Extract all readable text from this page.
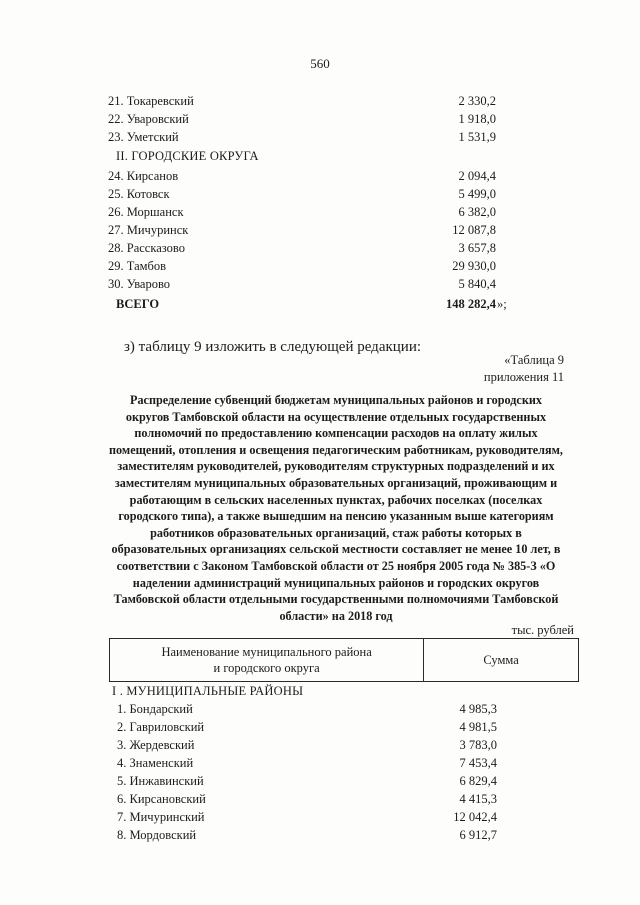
560
21. Токаревский	2 330,2
22. Уваровский	1 918,0
23. Уметский	1 531,9
II. ГОРОДСКИЕ ОКРУГА
24. Кирсанов	2 094,4
25. Котовск	5 499,0
26. Моршанск	6 382,0
27. Мичуринск	12 087,8
28. Рассказово	3 657,8
29. Тамбов	29 930,0
30. Уварово	5 840,4
ВСЕГО	148 282,4 »;
з) таблицу 9 изложить в следующей редакции:
«Таблица 9
приложения 11
Распределение субвенций бюджетам муниципальных районов и городских округов Тамбовской области на осуществление отдельных государственных полномочий по предоставлению компенсации расходов на оплату жилых помещений, отопления и освещения педагогическим работникам, руководителям, заместителям руководителей, руководителям структурных подразделений и их заместителям муниципальных образовательных организаций, проживающим и работающим в сельских населенных пунктах, рабочих поселках (поселках городского типа), а также вышедшим на пенсию указанным выше категориям работников образовательных организаций, стаж работы которых в образовательных организациях сельской местности составляет не менее 10 лет, в соответствии с Законом Тамбовской области от 25 ноября 2005 года № 385-З «О наделении администраций муниципальных районов и городских округов Тамбовской области отдельными государственными полномочиями Тамбовской области» на 2018 год
тыс. рублей
Наименование муниципального района
и городского округа
	Сумма
I . МУНИЦИПАЛЬНЫЕ РАЙОНЫ
1. Бондарский	4 985,3
2. Гавриловский	4 981,5
3. Жердевский	3 783,0
4. Знаменский	7 453,4
5. Инжавинский	6 829,4
6. Кирсановский	4 415,3
7. Мичуринский	12 042,4
8. Мордовский	6 912,7
